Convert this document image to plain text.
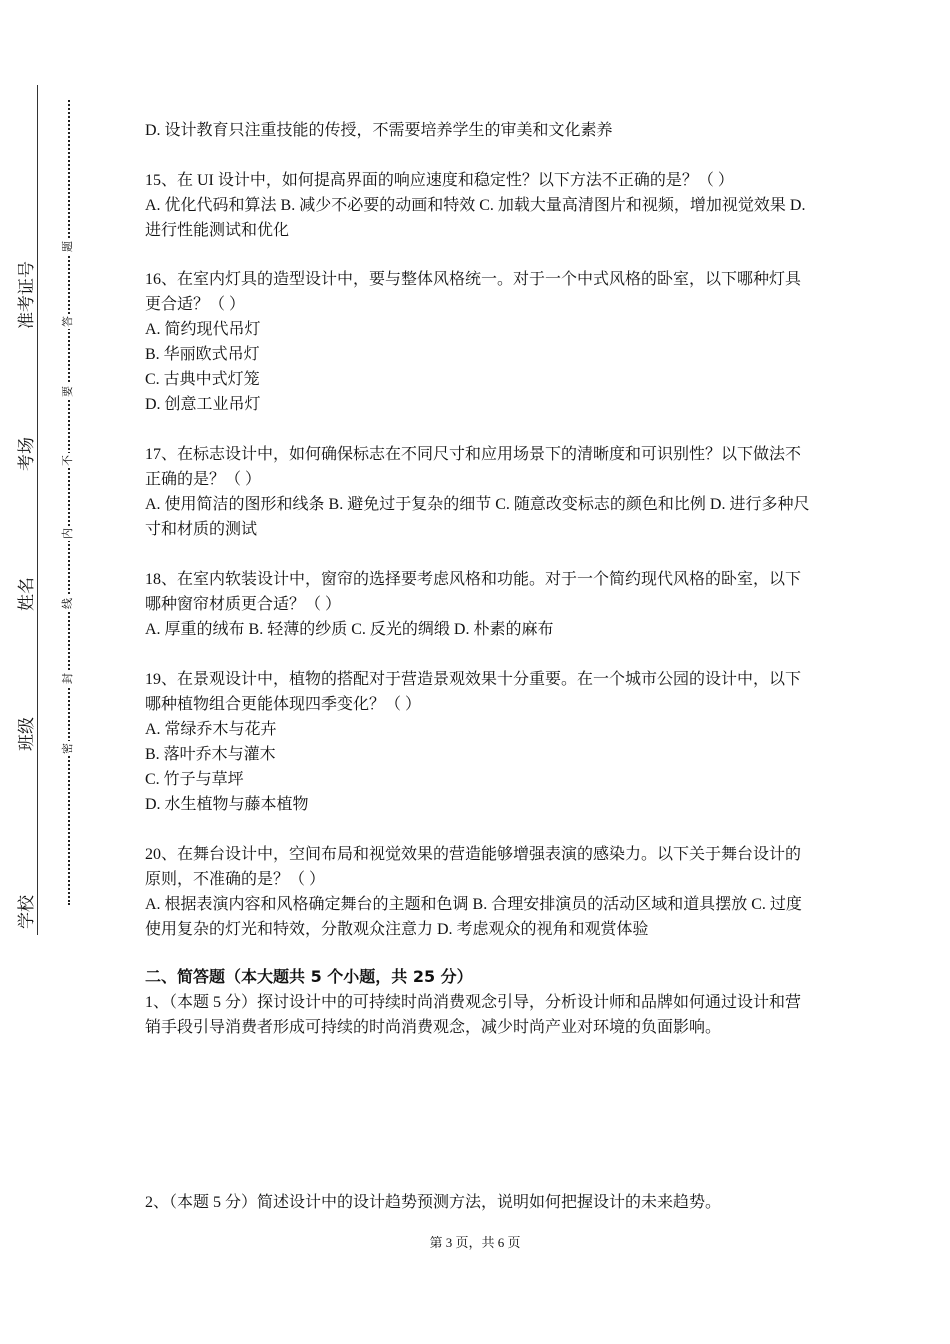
学校
班级
姓名
考场
准考证号
密
封
线
内
不
要
答
题
D. 设计教育只注重技能的传授，不需要培养学生的审美和文化素养
15、在 UI 设计中，如何提高界面的响应速度和稳定性？以下方法不正确的是？（ ）
A. 优化代码和算法 B. 减少不必要的动画和特效 C. 加载大量高清图片和视频，增加视觉效果 D. 进行性能测试和优化
16、在室内灯具的造型设计中，要与整体风格统一。对于一个中式风格的卧室，以下哪种灯具更合适？（ ）
A. 简约现代吊灯
B. 华丽欧式吊灯
C. 古典中式灯笼
D. 创意工业吊灯
17、在标志设计中，如何确保标志在不同尺寸和应用场景下的清晰度和可识别性？以下做法不正确的是？（ ）
A. 使用简洁的图形和线条 B. 避免过于复杂的细节 C. 随意改变标志的颜色和比例 D. 进行多种尺寸和材质的测试
18、在室内软装设计中，窗帘的选择要考虑风格和功能。对于一个简约现代风格的卧室，以下哪种窗帘材质更合适？（ ）
A. 厚重的绒布 B. 轻薄的纱质 C. 反光的绸缎 D. 朴素的麻布
19、在景观设计中，植物的搭配对于营造景观效果十分重要。在一个城市公园的设计中，以下哪种植物组合更能体现四季变化？（ ）
A. 常绿乔木与花卉
B. 落叶乔木与灌木
C. 竹子与草坪
D. 水生植物与藤本植物
20、在舞台设计中，空间布局和视觉效果的营造能够增强表演的感染力。以下关于舞台设计的原则，不准确的是？（ ）
A. 根据表演内容和风格确定舞台的主题和色调 B. 合理安排演员的活动区域和道具摆放 C. 过度使用复杂的灯光和特效，分散观众注意力 D. 考虑观众的视角和观赏体验
二、简答题（本大题共 5 个小题，共 25 分）
1、（本题 5 分）探讨设计中的可持续时尚消费观念引导，分析设计师和品牌如何通过设计和营销手段引导消费者形成可持续的时尚消费观念，减少时尚产业对环境的负面影响。
2、（本题 5 分）简述设计中的设计趋势预测方法，说明如何把握设计的未来趋势。
第 3 页，共 6 页
